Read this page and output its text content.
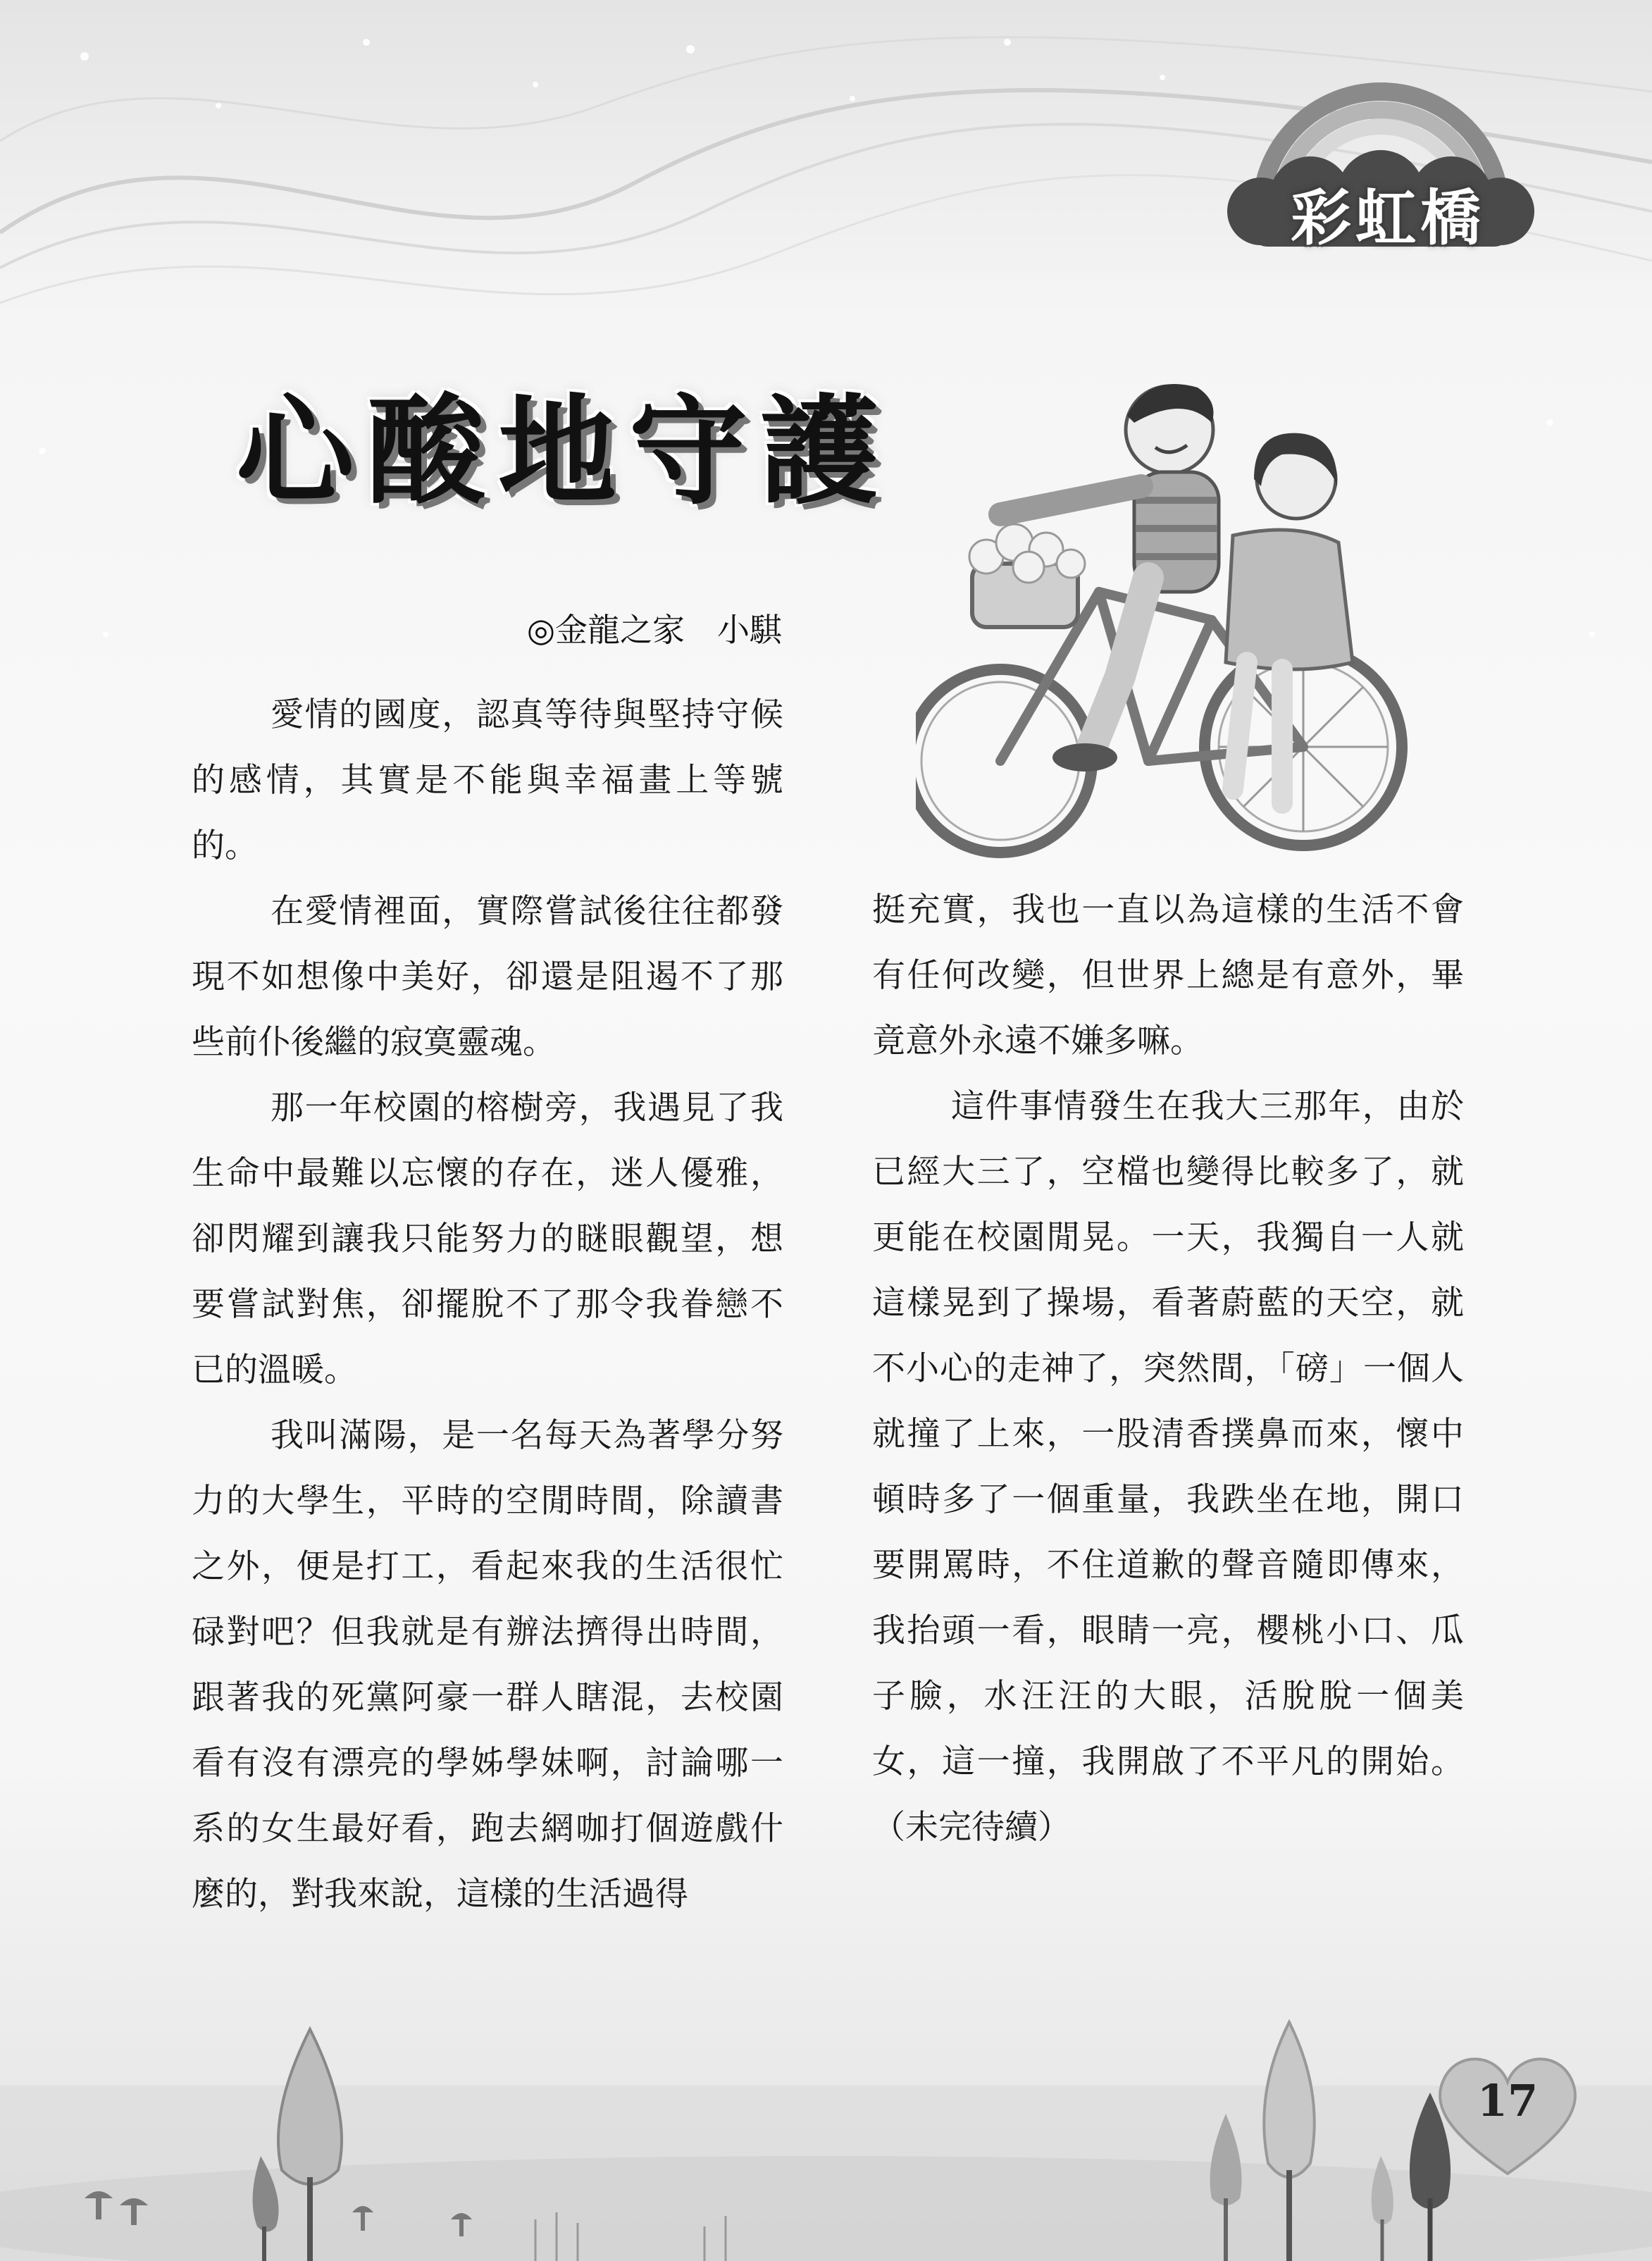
彩虹橋
心酸地守護
◎金龍之家　小騏

愛情的國度，認真等待與堅持守候的感情，其實是不能與幸福畫上等號的。

在愛情裡面，實際嘗試後往往都發現不如想像中美好，卻還是阻遏不了那些前仆後繼的寂寞靈魂。

那一年校園的榕樹旁，我遇見了我生命中最難以忘懷的存在，迷人優雅，卻閃耀到讓我只能努力的瞇眼觀望，想要嘗試對焦，卻擺脫不了那令我眷戀不已的溫暖。

我叫滿陽，是一名每天為著學分努力的大學生，平時的空閒時間，除讀書之外，便是打工，看起來我的生活很忙碌對吧？但我就是有辦法擠得出時間，跟著我的死黨阿豪一群人瞎混，去校園看有沒有漂亮的學姊學妹啊，討論哪一系的女生最好看，跑去網咖打個遊戲什麼的，對我來說，這樣的生活過得

挺充實，我也一直以為這樣的生活不會有任何改變，但世界上總是有意外，畢竟意外永遠不嫌多嘛。

這件事情發生在我大三那年，由於已經大三了，空檔也變得比較多了，就更能在校園閒晃。一天，我獨自一人就這樣晃到了操場，看著蔚藍的天空，就不小心的走神了，突然間，「磅」一個人就撞了上來，一股清香撲鼻而來，懷中頓時多了一個重量，我跌坐在地，開口要開罵時，不住道歉的聲音隨即傳來，我抬頭一看，眼睛一亮，櫻桃小口、瓜子臉，水汪汪的大眼，活脫脫一個美女，這一撞，我開啟了不平凡的開始。（未完待續）

17
